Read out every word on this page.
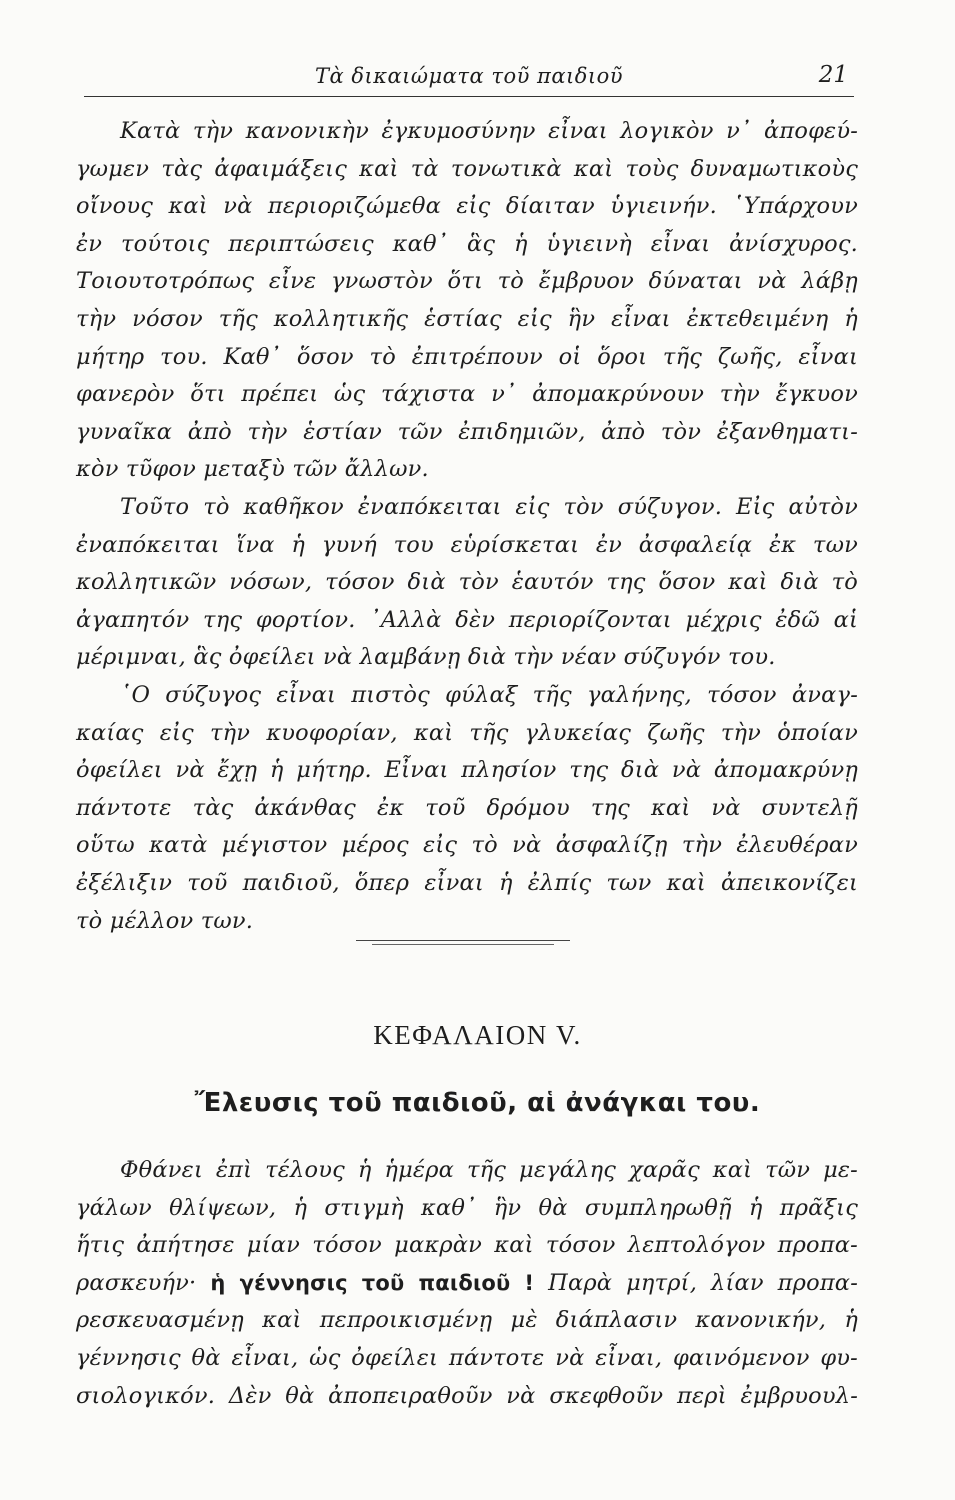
Τὰ δικαιώματα τοῦ παιδιοῦ	21
Κατὰ τὴν κανονικὴν ἐγκυμοσύνην εἶναι λογικὸν ν᾿ ἀποφεύ-
γωμεν τὰς ἀφαιμάξεις καὶ τὰ τονωτικὰ καὶ τοὺς δυναμωτικοὺς
οἴνους καὶ νὰ περιοριζώμεθα εἰς δίαιταν ὑγιεινήν. ῾Υπάρχουν
ἐν τούτοις περιπτώσεις καθ᾿ ἃς ἡ ὑγιεινὴ εἶναι ἀνίσχυρος.
Τοιουτοτρόπως εἶνε γνωστὸν ὅτι τὸ ἔμβρυον δύναται νὰ λάβῃ
τὴν νόσον τῆς κολλητικῆς ἑστίας εἰς ἣν εἶναι ἐκτεθειμένη ἡ
μήτηρ του. Καθ᾿ ὅσον τὸ ἐπιτρέπουν οἱ ὅροι τῆς ζωῆς, εἶναι
φανερὸν ὅτι πρέπει ὡς τάχιστα ν᾿ ἀπομακρύνουν τὴν ἔγκυον
γυναῖκα ἀπὸ τὴν ἑστίαν τῶν ἐπιδημιῶν, ἀπὸ τὸν ἐξανθηματι-
κὸν τῦφον μεταξὺ τῶν ἄλλων.
Τοῦτο τὸ καθῆκον ἐναπόκειται εἰς τὸν σύζυγον. Εἰς αὐτὸν
ἐναπόκειται ἵνα ἡ γυνή του εὑρίσκεται ἐν ἀσφαλείᾳ ἐκ των
κολλητικῶν νόσων, τόσον διὰ τὸν ἑαυτόν της ὅσον καὶ διὰ τὸ
ἀγαπητόν της φορτίον. ᾿Αλλὰ δὲν περιορίζονται μέχρις ἐδῶ αἱ
μέριμναι, ἃς ὀφείλει νὰ λαμβάνῃ διὰ τὴν νέαν σύζυγόν του.
῾Ο σύζυγος εἶναι πιστὸς φύλαξ τῆς γαλήνης, τόσον ἀναγ-
καίας εἰς τὴν κυοφορίαν, καὶ τῆς γλυκείας ζωῆς τὴν ὁποίαν
ὀφείλει νὰ ἔχῃ ἡ μήτηρ. Εἶναι πλησίον της διὰ νὰ ἀπομακρύνῃ
πάντοτε τὰς ἀκάνθας ἐκ τοῦ δρόμου της καὶ νὰ συντελῇ
οὕτω κατὰ μέγιστον μέρος εἰς τὸ νὰ ἀσφαλίζῃ τὴν ἐλευθέραν
ἐξέλιξιν τοῦ παιδιοῦ, ὅπερ εἶναι ἡ ἐλπίς των καὶ ἀπεικονίζει
τὸ μέλλον των.
ΚΕΦΑΛΑΙΟΝ V.
Ἔλευσις τοῦ παιδιοῦ, αἱ ἀνάγκαι του.
Φθάνει ἐπὶ τέλους ἡ ἡμέρα τῆς μεγάλης χαρᾶς καὶ τῶν με-
γάλων θλίψεων, ἡ στιγμὴ καθ᾿ ἣν θὰ συμπληρωθῇ ἡ πρᾶξις
ἥτις ἀπήτησε μίαν τόσον μακρὰν καὶ τόσον λεπτολόγον προπα-
ρασκευήν· ἡ γέννησις τοῦ παιδιοῦ ! Παρὰ μητρί, λίαν προπα-
ρεσκευασμένῃ καὶ πεπροικισμένῃ μὲ διάπλασιν κανονικήν, ἡ
γέννησις θὰ εἶναι, ὡς ὀφείλει πάντοτε νὰ εἶναι, φαινόμενον φυ-
σιολογικόν. Δὲν θὰ ἀποπειραθοῦν νὰ σκεφθοῦν περὶ ἐμβρυουλ-
